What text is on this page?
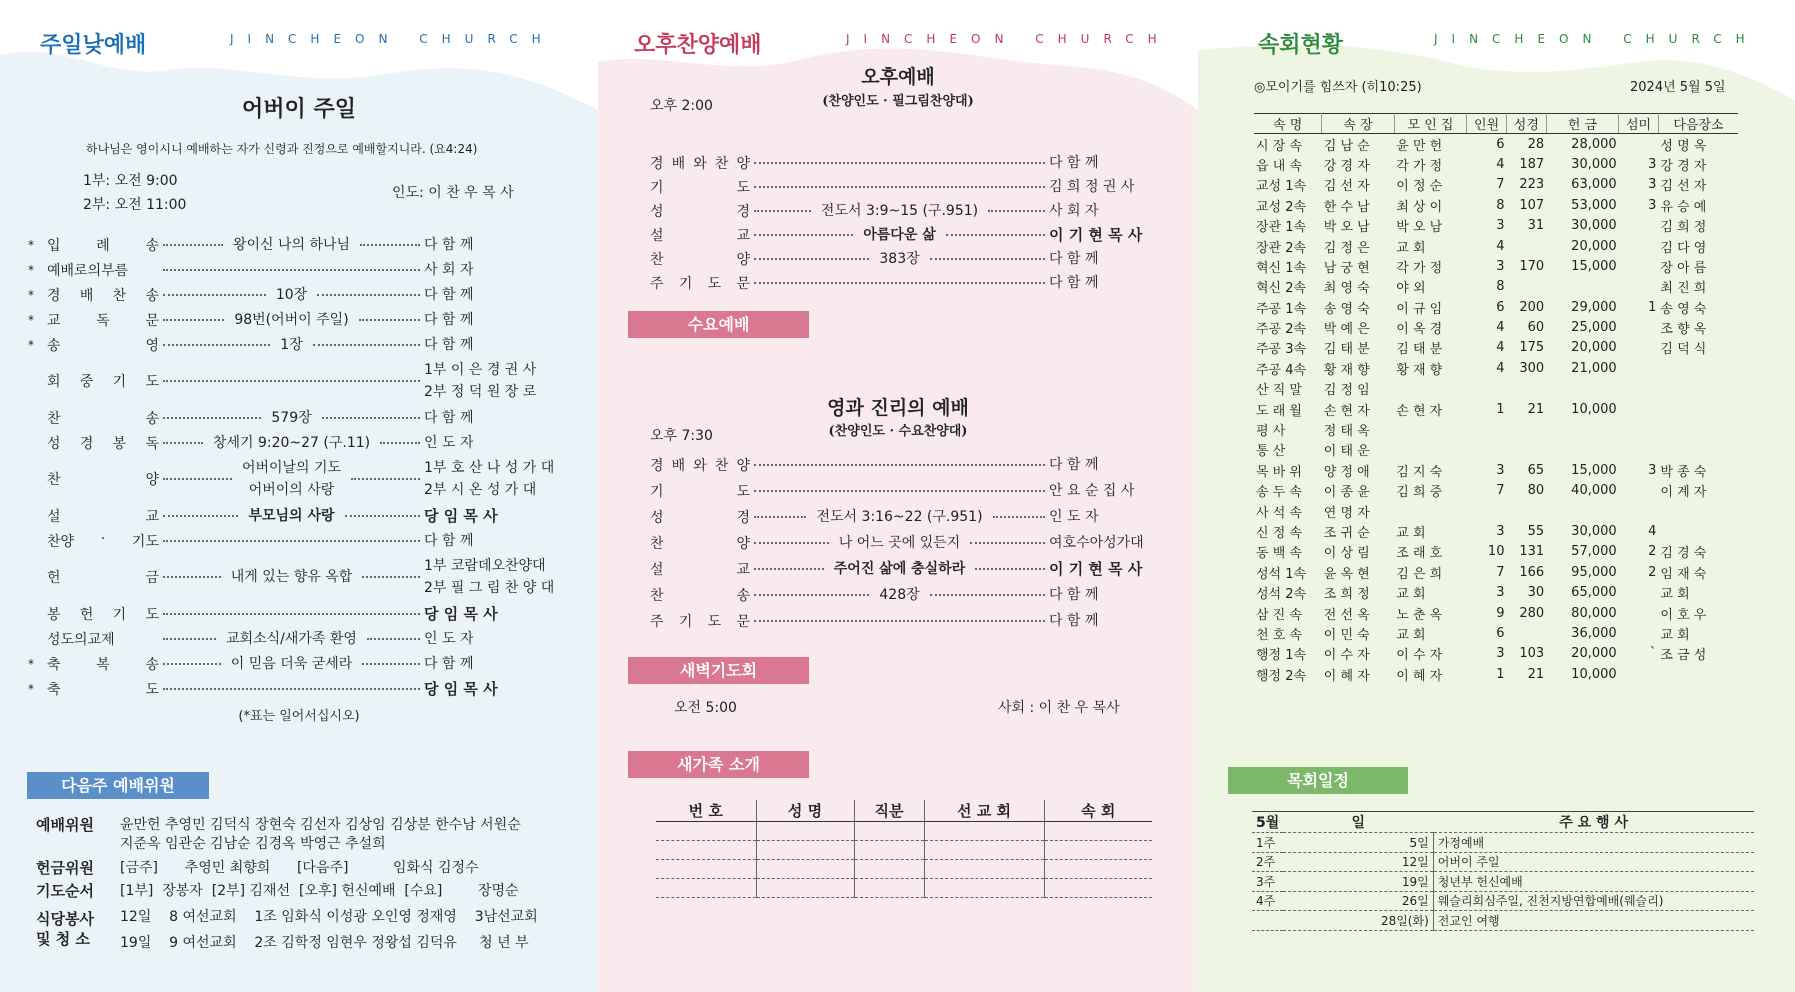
주일낮예배	JINCHEON CHURCH
어버이 주일
하나님은 영이시니 예배하는 자가 신령과 진정으로 예배할지니라. (요4:24)
1부: 오전 9:00
2부: 오전 11:00
인도: 이 찬 우 목 사
* 입	례	송	왕이신 나의 하나님	다 함 께
* 예배로의부름	사 회 자
* 경 배 찬 송	10장	다 함 께
* 교	독	문	98번(어버이 주일)	다 함 께
* 송	영	1장	다 함 께
회 중 기 도
1부 이 은 경 권 사
2부 정 덕 원 장 로
찬	송	579장	다 함 께
성 경 봉 독	창세기 9:20~27 (구.11)	인 도 자
찬	양
어버이날의 기도
어버이의 사랑
1부 호 산 나 성 가 대
2부 시 온 성 가 대
설	교	부모님의 사랑	당 임 목 사
찬양 · 기도	다 함 께
헌	금	내게 있는 향유 옥합
1부 코람데오찬양대
2부 필 그 림 찬 양 대
봉 헌 기 도	당 임 목 사
성도의교제	교회소식/새가족 환영	인 도 자
* 축	복	송	이 믿음 더욱 굳세라	다 함 께
* 축	도	당 임 목 사
(*표는 일어서십시오)
다음주 예배위원
예배위원 윤만헌 추영민 김덕식 장현숙 김선자 김상임 김상분 한수남 서원순
지준옥 임관순 김남순 김경옥 박영근 추설희
헌금위원 [금주]      추영민 최향희      [다음주]          임화식 김정수
기도순서 [1부]  장봉자  [2부] 김재선  [오후] 헌신예배  [수요]        장명순
식당봉사
및 청 소
12일    8 여선교회    1조 임화식 이성광 오인영 정재영    3남선교회
19일    9 여선교회    2조 김학정 임현우 정왕섭 김덕유     청 년 부
오후찬양예배	JINCHEON CHURCH
오후예배
(찬양인도 · 필그림찬양대)
오후 2:00
경 배 와 찬 양	다 함 께
기	도	김 희 정 권 사
성	경	전도서 3:9~15 (구.951)	사 회 자
설	교	아름다운 삶	이 기 현 목 사
찬	양	383장	다 함 께
주 기 도 문	다 함 께
수요예배
영과 진리의 예배
(찬양인도 · 수요찬양대)
오후 7:30
경 배 와 찬 양	다 함 께
기	도	안 요 순 집 사
성	경	전도서 3:16~22 (구.951)	인 도 자
찬	양	나 어느 곳에 있든지	여호수아성가대
설	교	주어진 삶에 충실하라	이 기 현 목 사
찬	송	428장	다 함 께
주 기 도 문	다 함 께
새벽기도회
오전 5:00	사회 : 이 찬 우 목사
새가족 소개
번 호	성 명	직분	선 교 회	속 회

속회현황	JINCHEON CHURCH
◎모이기를 힘쓰자 (히10:25)	2024년 5월 5일
속 명	속 장	모 인 집	인원	성경	헌 금	섬미	다음장소
시 장 속	김 남 순	윤 만 헌	6	28	28,000		성 명 옥
읍 내 속	강 경 자	각 가 정	4	187	30,000	3	강 경 자
교성 1속	김 선 자	이 정 순	7	223	63,000	3	김 선 자
교성 2속	한 수 남	최 상 이	8	107	53,000	3	유 승 예
장관 1속	박 오 남	박 오 남	3	31	30,000		김 희 정
장관 2속	김 정 은	교 회	4		20,000		김 다 영
혁신 1속	남 궁 현	각 가 정	3	170	15,000		장 아 름
혁신 2속	최 영 숙	야 외	8				최 진 희
주공 1속	송 영 숙	이 규 임	6	200	29,000	1	송 영 숙
주공 2속	박 예 은	이 옥 경	4	60	25,000		조 향 옥
주공 3속	김 태 분	김 태 분	4	175	20,000		김 덕 식
주공 4속	황 재 향	황 재 향	4	300	21,000		
산 직 말	김 정 임						
도 래 월	손 현 자	손 현 자	1	21	10,000		
평 사	정 태 옥						
통 산	이 태 운						
목 바 위	양 정 애	김 지 숙	3	65	15,000	3	박 종 숙
송 두 속	이 종 윤	김 희 중	7	80	40,000		이 계 자
사 석 속	연 명 자						
신 정 속	조 귀 순	교 회	3	55	30,000	4	
동 백 속	이 상 림	조 래 호	10	131	57,000	2	김 경 숙
성석 1속	윤 옥 현	김 은 희	7	166	95,000	2	임 재 숙
성석 2속	조 희 정	교 회	3	30	65,000		교 회
삼 진 속	전 선 옥	노 춘 옥	9	280	80,000		이 호 우
천 호 속	이 민 숙	교 회	6		36,000		교 회
행정 1속	이 수 자	이 수 자	3	103	20,000	`	조 금 성
행정 2속	이 혜 자	이 혜 자	1	21	10,000		
목회일정
5월	일	주 요 행 사
1주	5일	가정예배
2주	12일	어버이 주일
3주	19일	청년부 헌신예배
4주	26일	웨슬리회심주일, 진천지방연합예배(웨슬리)
	28일(화)	전교인 여행
